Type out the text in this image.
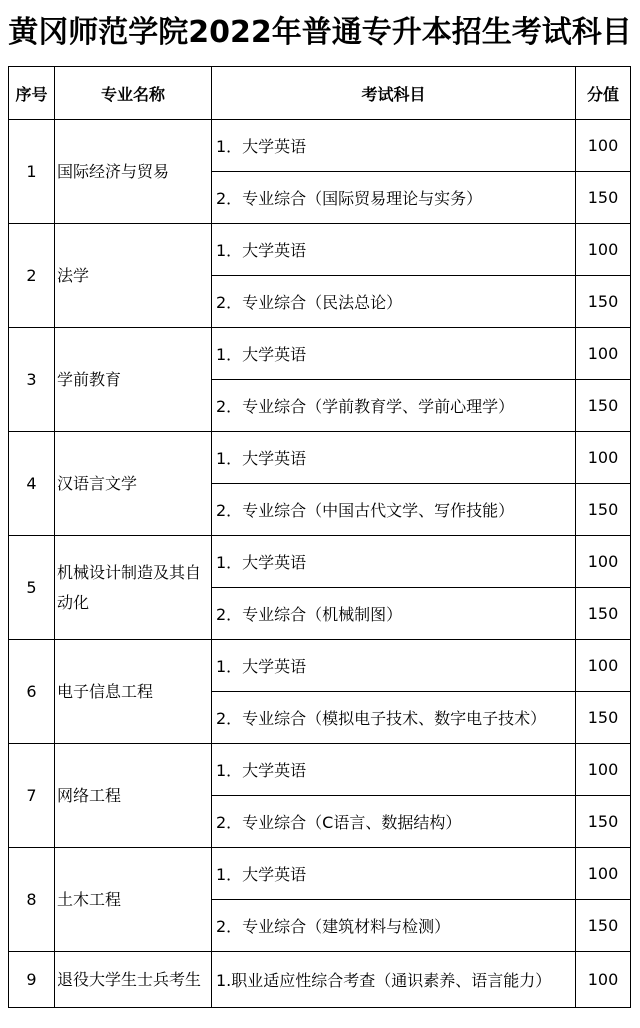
黄冈师范学院2022年普通专升本招生考试科目
序号	专业名称	考试科目	分值
1	国际经济与贸易	1．大学英语	100
		2．专业综合（国际贸易理论与实务）	150
2	法学	1．大学英语	100
		2．专业综合（民法总论）	150
3	学前教育	1．大学英语	100
		2．专业综合（学前教育学、学前心理学）	150
4	汉语言文学	1．大学英语	100
		2．专业综合（中国古代文学、写作技能）	150
5	机械设计制造及其自动化	1．大学英语	100
		2．专业综合（机械制图）	150
6	电子信息工程	1．大学英语	100
		2．专业综合（模拟电子技术、数字电子技术）	150
7	网络工程	1．大学英语	100
		2．专业综合（C语言、数据结构）	150
8	土木工程	1．大学英语	100
		2．专业综合（建筑材料与检测）	150
9	退役大学生士兵考生	1.职业适应性综合考查（通识素养、语言能力）	100
